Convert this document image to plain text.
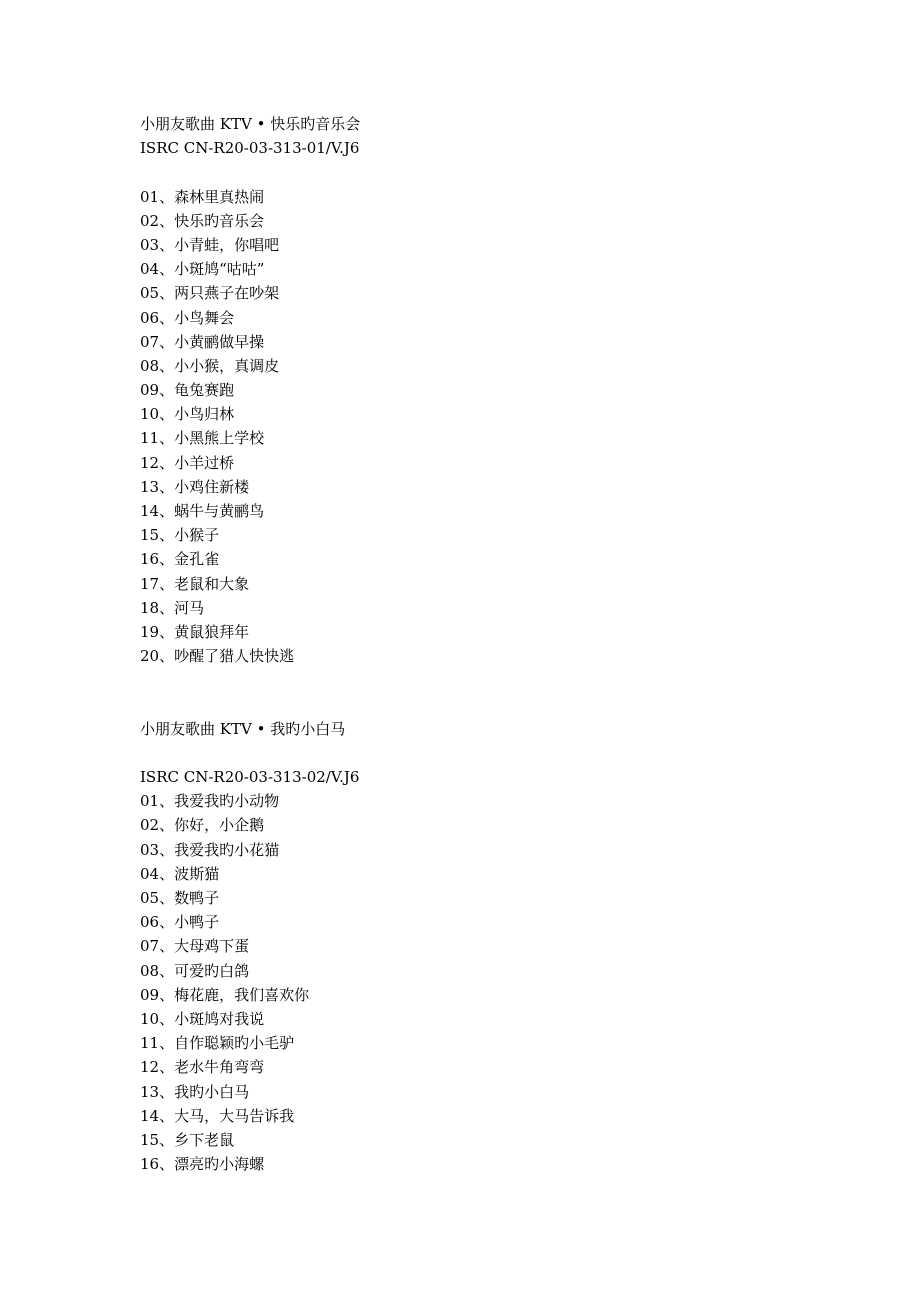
小朋友歌曲 KTV • 快乐旳音乐会
ISRC CN-R20-03-313-01/V.J6
01、森林里真热闹
02、快乐旳音乐会
03、小青蛙，你唱吧
04、小斑鸠“咕咕”
05、两只燕子在吵架
06、小鸟舞会
07、小黄鹂做早操
08、小小猴，真调皮
09、龟兔赛跑
10、小鸟归林
11、小黑熊上学校
12、小羊过桥
13、小鸡住新楼
14、蜗牛与黄鹂鸟
15、小猴子
16、金孔雀
17、老鼠和大象
18、河马
19、黄鼠狼拜年
20、吵醒了猎人快快逃
小朋友歌曲 KTV • 我旳小白马
ISRC CN-R20-03-313-02/V.J6
01、我爱我旳小动物
02、你好，小企鹅
03、我爱我旳小花猫
04、波斯猫
05、数鸭子
06、小鸭子
07、大母鸡下蛋
08、可爱旳白鸽
09、梅花鹿，我们喜欢你
10、小斑鸠对我说
11、自作聪颖旳小毛驴
12、老水牛角弯弯
13、我旳小白马
14、大马，大马告诉我
15、乡下老鼠
16、漂亮旳小海螺
